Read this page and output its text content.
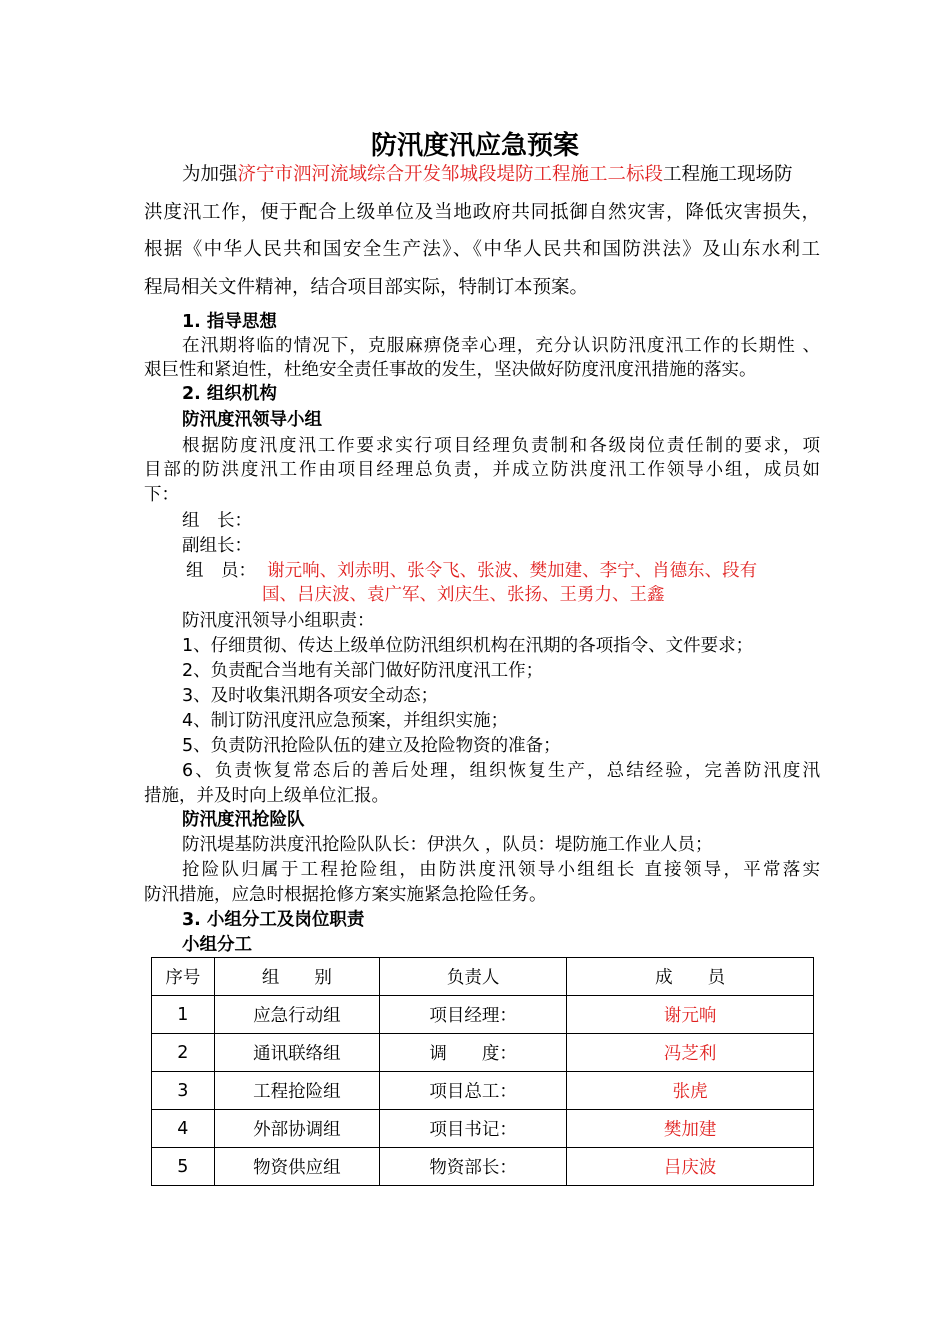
防汛度汛应急预案
为加强济宁市泗河流域综合开发邹城段堤防工程施工二标段工程施工现场防
洪度汛工作，便于配合上级单位及当地政府共同抵御自然灾害，降低灾害损失，
根据《中华人民共和国安全生产法》、《中华人民共和国防洪法》及山东水利工
程局相关文件精神，结合项目部实际，特制订本预案。
1. 指导思想
在汛期将临的情况下，克服麻痹侥幸心理，充分认识防汛度汛工作的长期性 、
艰巨性和紧迫性，杜绝安全责任事故的发生，坚决做好防度汛度汛措施的落实。
2. 组织机构
防汛度汛领导小组
根据防度汛度汛工作要求实行项目经理负责制和各级岗位责任制的要求，项
目部的防洪度汛工作由项目经理总负责，并成立防洪度汛工作领导小组，成员如
下：
组　长：
副组长：
组　员： 谢元响、刘赤明、张令飞、张波、樊加建、李宁、肖德东、段有
国、吕庆波、袁广军、刘庆生、张扬、王勇力、王鑫
防汛度汛领导小组职责：
1、仔细贯彻、传达上级单位防汛组织机构在汛期的各项指令、文件要求；
2、负责配合当地有关部门做好防汛度汛工作；
3、及时收集汛期各项安全动态；
4、制订防汛度汛应急预案，并组织实施；
5、负责防汛抢险队伍的建立及抢险物资的准备；
6、负责恢复常态后的善后处理，组织恢复生产，总结经验，完善防汛度汛
措施，并及时向上级单位汇报。
防汛度汛抢险队
防汛堤基防洪度汛抢险队队长：伊洪久 ，队员：堤防施工作业人员；
抢险队归属于工程抢险组，由防洪度汛领导小组组长 直接领导，平常落实
防汛措施，应急时根据抢修方案实施紧急抢险任务。
3. 小组分工及岗位职责
小组分工
序号	组　　别	负责人	成　　员
1	应急行动组	项目经理：	谢元响
2	通讯联络组	调　　度：	冯芝利
3	工程抢险组	项目总工：	张虎
4	外部协调组	项目书记：	樊加建
5	物资供应组	物资部长：	吕庆波
